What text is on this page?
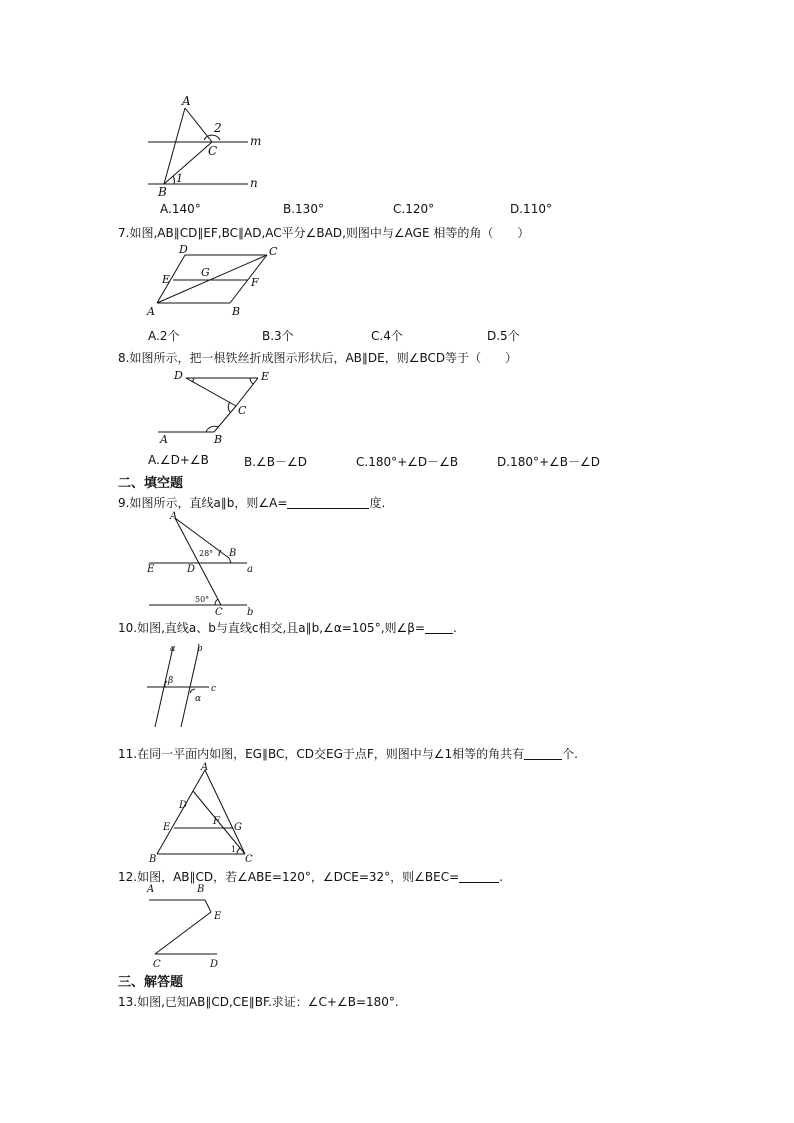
A
2
C
m
1
B
n
A.140°	B.130°	C.120°	D.110°
7.如图,AB∥CD∥EF,BC∥AD,AC平分∠BAD,则图中与∠AGE 相等的角（　　）
D	C
G
E	F
A	B
A.2个	B.3个	C.4个	D.5个
8.如图所示，把一根铁丝折成图示形状后，AB∥DE，则∠BCD等于（　　）
D	E
C
A	B
A.∠D+∠B	B.∠B－∠D	C.180°+∠D－∠B	D.180°+∠B－∠D
二、填空题
9.如图所示，直线a∥b，则∠A=	度.
A
28° B
E	D	a
50°
C b
10.如图,直线a、b与直线c相交,且a∥b,∠α=105°,则∠β= .
a b
β
c
α
11.在同一平面内如图，EG∥BC，CD交EG于点F，则图中与∠1相等的角共有	个.
A
D
E
F
G
1
B	C
12.如图，AB∥CD，若∠ABE=120°，∠DCE=32°，则∠BEC=	.
A	B
E
C	D
三、解答题
13.如图,已知AB∥CD,CE∥BF.求证：∠C+∠B=180°.
